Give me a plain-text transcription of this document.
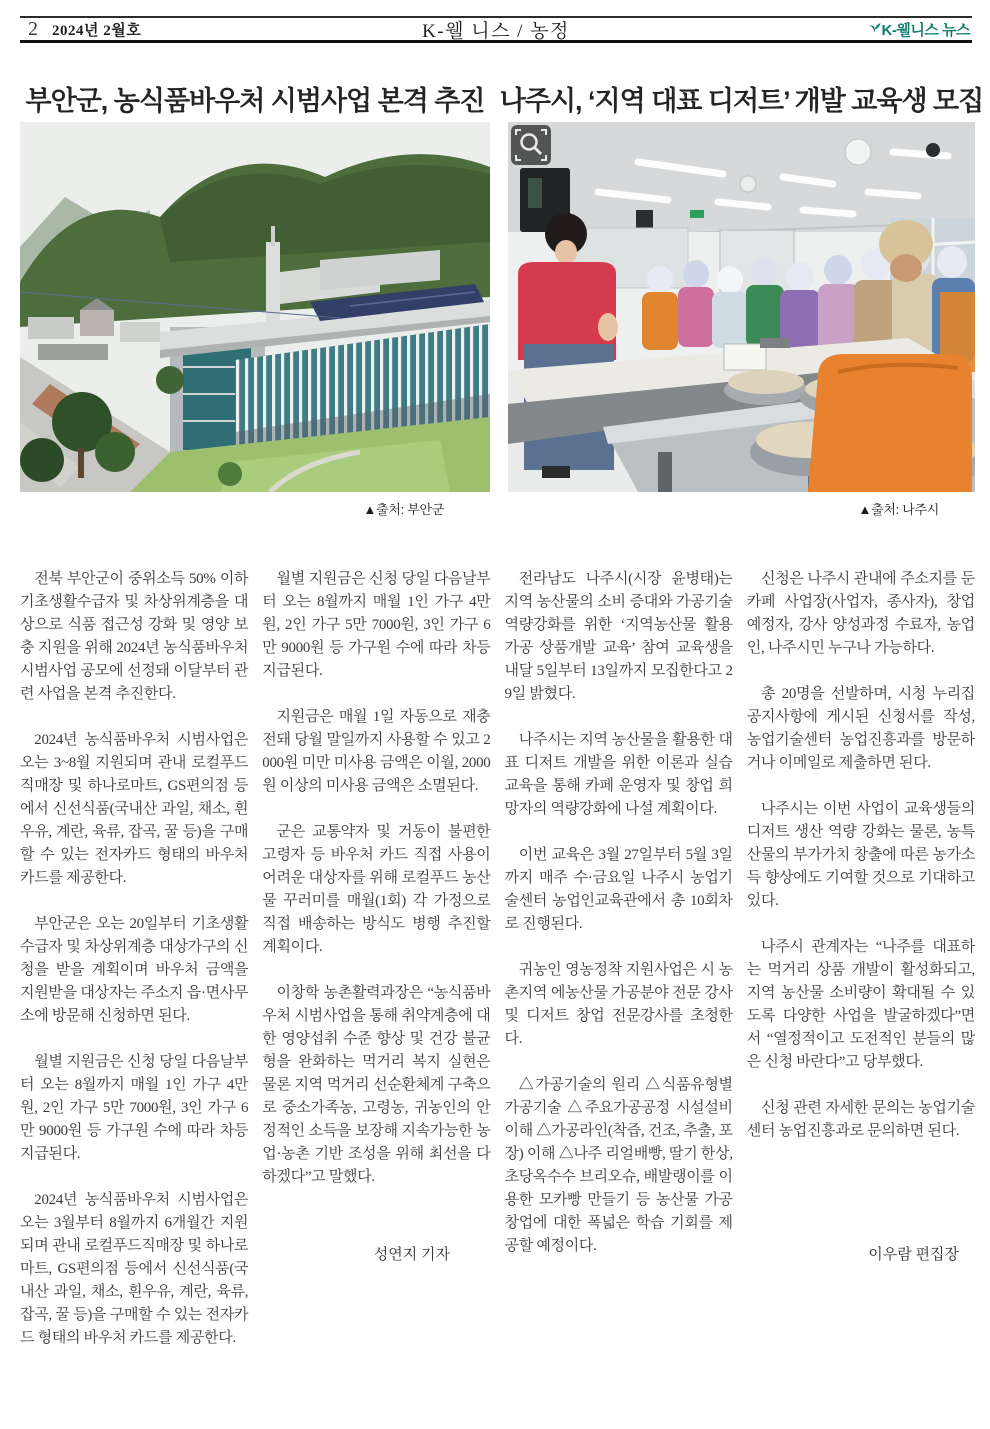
K-웰 니스 / 농정
2 2024년 2월호	K-웰니스 뉴스
부안군, 농식품바우처 시범사업 본격 추진
▲출처: 부안군
나주시, ‘지역 대표 디저트’ 개발 교육생 모집
▲출처: 나주시

전북 부안군이 중위소득 50% 이하 기초생활수급자 및 차상위계층을 대상으로 식품 접근성 강화 및 영양 보충 지원을 위해 2024년 농식품바우처 시범사업 공모에 선정돼 이달부터 관련 사업을 본격 추진한다.

2024년 농식품바우처 시범사업은 오는 3~8월 지원되며 관내 로컬푸드직매장 및 하나로마트, GS편의점 등에서 신선식품(국내산 과일, 채소, 흰우유, 계란, 육류, 잡곡, 꿀 등)을 구매할 수 있는 전자카드 형태의 바우처 카드를 제공한다.

부안군은 오는 20일부터 기초생활수급자 및 차상위계층 대상가구의 신청을 받을 계획이며 바우처 금액을 지원받을 대상자는 주소지 읍·면사무소에 방문해 신청하면 된다.

월별 지원금은 신청 당일 다음날부터 오는 8월까지 매월 1인 가구 4만원, 2인 가구 5만 7000원, 3인 가구 6만 9000원 등 가구원 수에 따라 차등 지급된다.

2024년 농식품바우처 시범사업은 오는 3월부터 8월까지 6개월간 지원되며 관내 로컬푸드직매장 및 하나로마트, GS편의점 등에서 신선식품(국내산 과일, 채소, 흰우유, 계란, 육류, 잡곡, 꿀 등)을 구매할 수 있는 전자카드 형태의 바우처 카드를 제공한다.

월별 지원금은 신청 당일 다음날부터 오는 8월까지 매월 1인 가구 4만 원, 2인 가구 5만 7000원, 3인 가구 6만 9000원 등 가구원 수에 따라 차등 지급된다.

지원금은 매월 1일 자동으로 재충전돼 당월 말일까지 사용할 수 있고 2000원 미만 미사용 금액은 이월, 2000원 이상의 미사용 금액은 소멸된다.

군은 교통약자 및 거동이 불편한 고령자 등 바우처 카드 직접 사용이 어려운 대상자를 위해 로컬푸드 농산물 꾸러미를 매월(1회) 각 가정으로 직접 배송하는 방식도 병행 추진할 계획이다.

이창학 농촌활력과장은 “농식품바우처 시범사업을 통해 취약계층에 대한 영양섭취 수준 향상 및 건강 불균형을 완화하는 먹거리 복지 실현은 물론 지역 먹거리 선순환체계 구축으로 중소가족농, 고령농, 귀농인의 안정적인 소득을 보장해 지속가능한 농업·농촌 기반 조성을 위해 최선을 다하겠다”고 말했다.

전라남도 나주시(시장 윤병태)는 지역 농산물의 소비 증대와 가공기술 역량강화를 위한 ‘지역농산물 활용 가공 상품개발 교육’ 참여 교육생을 내달 5일부터 13일까지 모집한다고 29일 밝혔다.

나주시는 지역 농산물을 활용한 대표 디저트 개발을 위한 이론과 실습 교육을 통해 카페 운영자 및 창업 희망자의 역량강화에 나설 계획이다.

이번 교육은 3월 27일부터 5월 3일까지 매주 수·금요일 나주시 농업기술센터 농업인교육관에서 총 10회차로 진행된다.

귀농인 영농정착 지원사업은 시 농촌지역 에농산물 가공분야 전문 강사 및 디저트 창업 전문강사를 초청한다.

△가공기술의 원리 △식품유형별 가공기술 △주요가공공정 시설설비 이해 △가공라인(착즙, 건조, 추출, 포장) 이해 △나주 리얼배빵, 딸기 한상, 초당옥수수 브리오슈, 배발랭이를 이용한 모카빵 만들기 등 농산물 가공 창업에 대한 폭넓은 학습 기회를 제공할 예정이다.

신청은 나주시 관내에 주소지를 둔 카페 사업장(사업자, 종사자), 창업 예정자, 강사 양성과정 수료자, 농업인, 나주시민 누구나 가능하다.

총 20명을 선발하며, 시청 누리집 공지사항에 게시된 신청서를 작성, 농업기술센터 농업진흥과를 방문하거나 이메일로 제출하면 된다.

나주시는 이번 사업이 교육생들의 디저트 생산 역량 강화는 물론, 농특산물의 부가가치 창출에 따른 농가소득 향상에도 기여할 것으로 기대하고 있다.

나주시 관계자는 “나주를 대표하는 먹거리 상품 개발이 활성화되고, 지역 농산물 소비량이 확대될 수 있도록 다양한 사업을 발굴하겠다”면서 “열정적이고 도전적인 분들의 많은 신청 바란다”고 당부했다.

신청 관련 자세한 문의는 농업기술센터 농업진흥과로 문의하면 된다.

성연지 기자	이우람 편집장
